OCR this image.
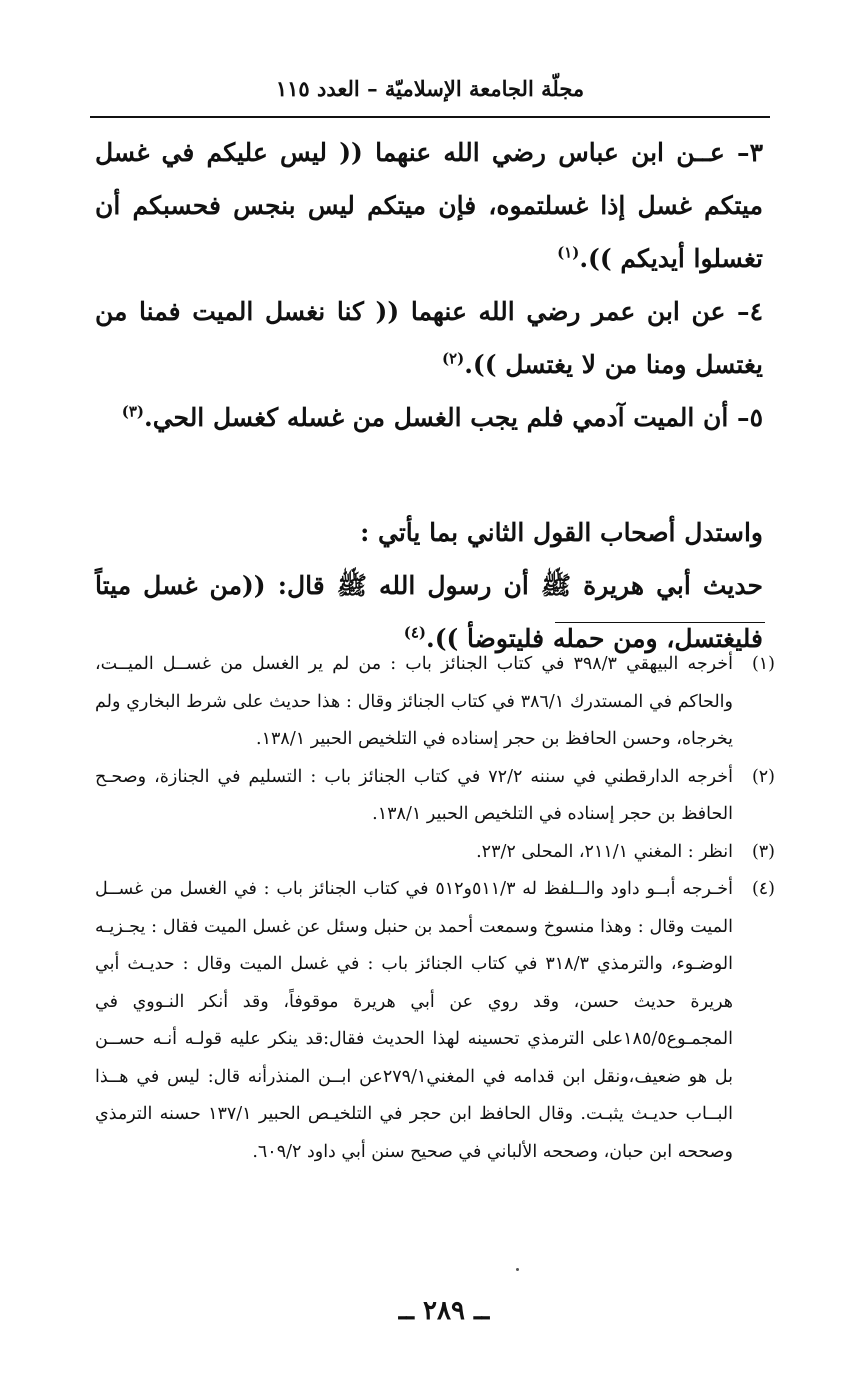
مجلّة الجامعة الإسلاميّة – العدد ١١٥

٣– عــن ابن عباس رضي الله عنهما (( ليس عليكم في غسل ميتكم غسل إذا غسلتموه، فإن ميتكم ليس بنجس فحسبكم أن تغسلوا أيديكم )).$^{(١)}$

٤– عن ابن عمر رضي الله عنهما (( كنا نغسل الميت فمنا من يغتسل ومنا من لا يغتسل )).$^{(٢)}$

٥– أن الميت آدمي فلم يجب الغسل من غسله كغسل الحي.$^{(٣)}$

واستدل أصحاب القول الثاني بما يأتي :

حديث أبي هريرة ﷺ أن رسول الله ﷺ قال: ((من غسل ميتاً فليغتسل، ومن حمله فليتوضأ )).$^{(٤)}$

(١)
أخرجه البيهقي ٣٩٨/٣ في كتاب الجنائز باب : من لم ير الغسل من غســل الميــت، والحاكم في المستدرك ٣٨٦/١ في كتاب الجنائز وقال : هذا حديث على شرط البخاري ولم يخرجاه، وحسن الحافظ بن حجر إسناده في التلخيص الحبير ١٣٨/١.
(٢)
أخرجه الدارقطني في سننه ٧٢/٢ في كتاب الجنائز باب : التسليم في الجنازة، وصحـح الحافظ بن حجر إسناده في التلخيص الحبير ١٣٨/١.
(٣)
انظر : المغني ٢١١/١، المحلى ٢٣/٢.
(٤)
أخـرجه أبــو داود والــلفظ له ٥١١/٣و٥١٢ في كتاب الجنائز باب : في الغسل من غســل الميت وقال : وهذا منسوخ وسمعت أحمد بن حنبل وسئل عن غسل الميت فقال : يجـزيـه الوضـوء، والترمذي ٣١٨/٣ في كتاب الجنائز باب : في غسل الميت وقال : حديـث أبي هريرة حديث حسن، وقد روي عن أبي هريرة موقوفاً، وقد أنكر النـووي في المجمـوع١٨٥/٥على الترمذي تحسينه لهذا الحديث فقال:قد ينكر عليه قولـه أنـه حســن بل هو ضعيف،ونقل ابن قدامه في المغني٢٧٩/١عن ابــن المنذرأنه قال: ليس في هــذا البــاب حديـث يثبـت. وقال الحافظ ابن حجر في التلخيـص الحبير ١٣٧/١ حسنه الترمذي وصححه ابن حبان، وصححه الألباني في صحيح سنن أبي داود ٦٠٩/٢.
ــ ٢٨٩ ــ
